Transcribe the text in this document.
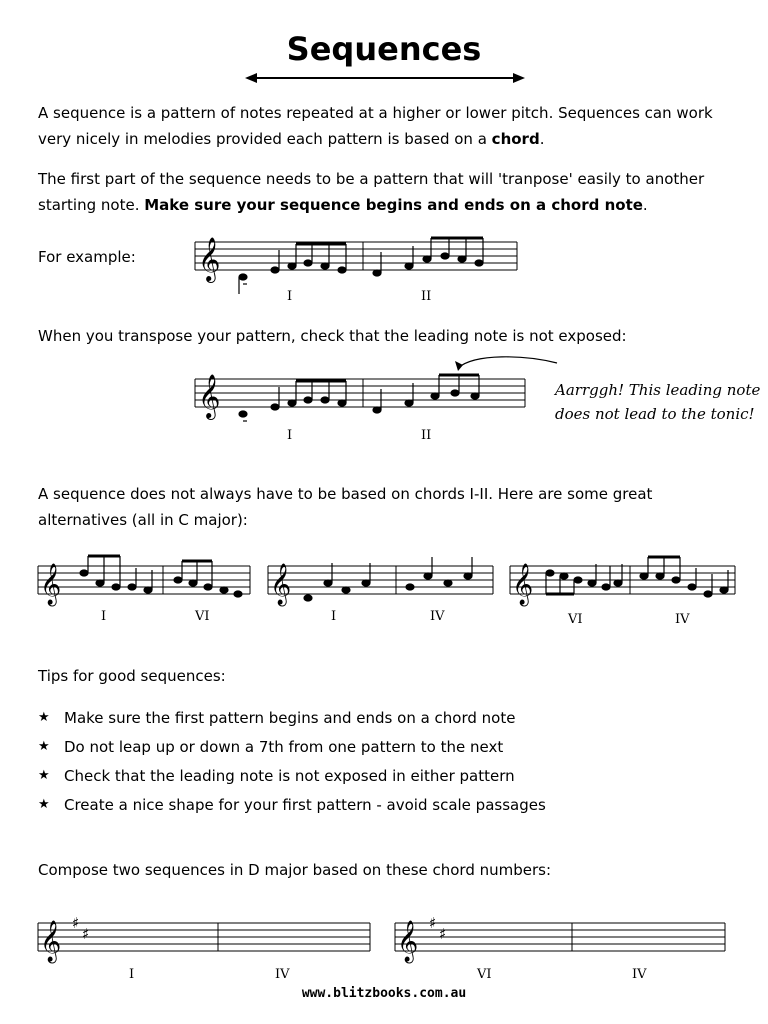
Sequences
A sequence is a pattern of notes repeated at a higher or lower pitch. Sequences can work very nicely in melodies provided each pattern is based on a chord.
The first part of the sequence needs to be a pattern that will 'tranpose' easily to another starting note. Make sure your sequence begins and ends on a chord note.
For example:	𝄞
I	II
When you transpose your pattern, check that the leading note is not exposed:
𝄞
I	II
Aarrggh! This leading note
does not lead to the tonic!
A sequence does not always have to be based on chords I-II. Here are some great alternatives (all in C major):
𝄞
I	VI
𝄞
I	IV
𝄞
VI	IV
Tips for good sequences:
★ Make sure the first pattern begins and ends on a chord note
★ Do not leap up or down a 7th from one pattern to the next
★ Check that the leading note is not exposed in either pattern
★ Create a nice shape for your first pattern - avoid scale passages
Compose two sequences in D major based on these chord numbers:
𝄞 ♯
♯
I	IV
𝄞 ♯
♯
VI	IV
www.blitzbooks.com.au
